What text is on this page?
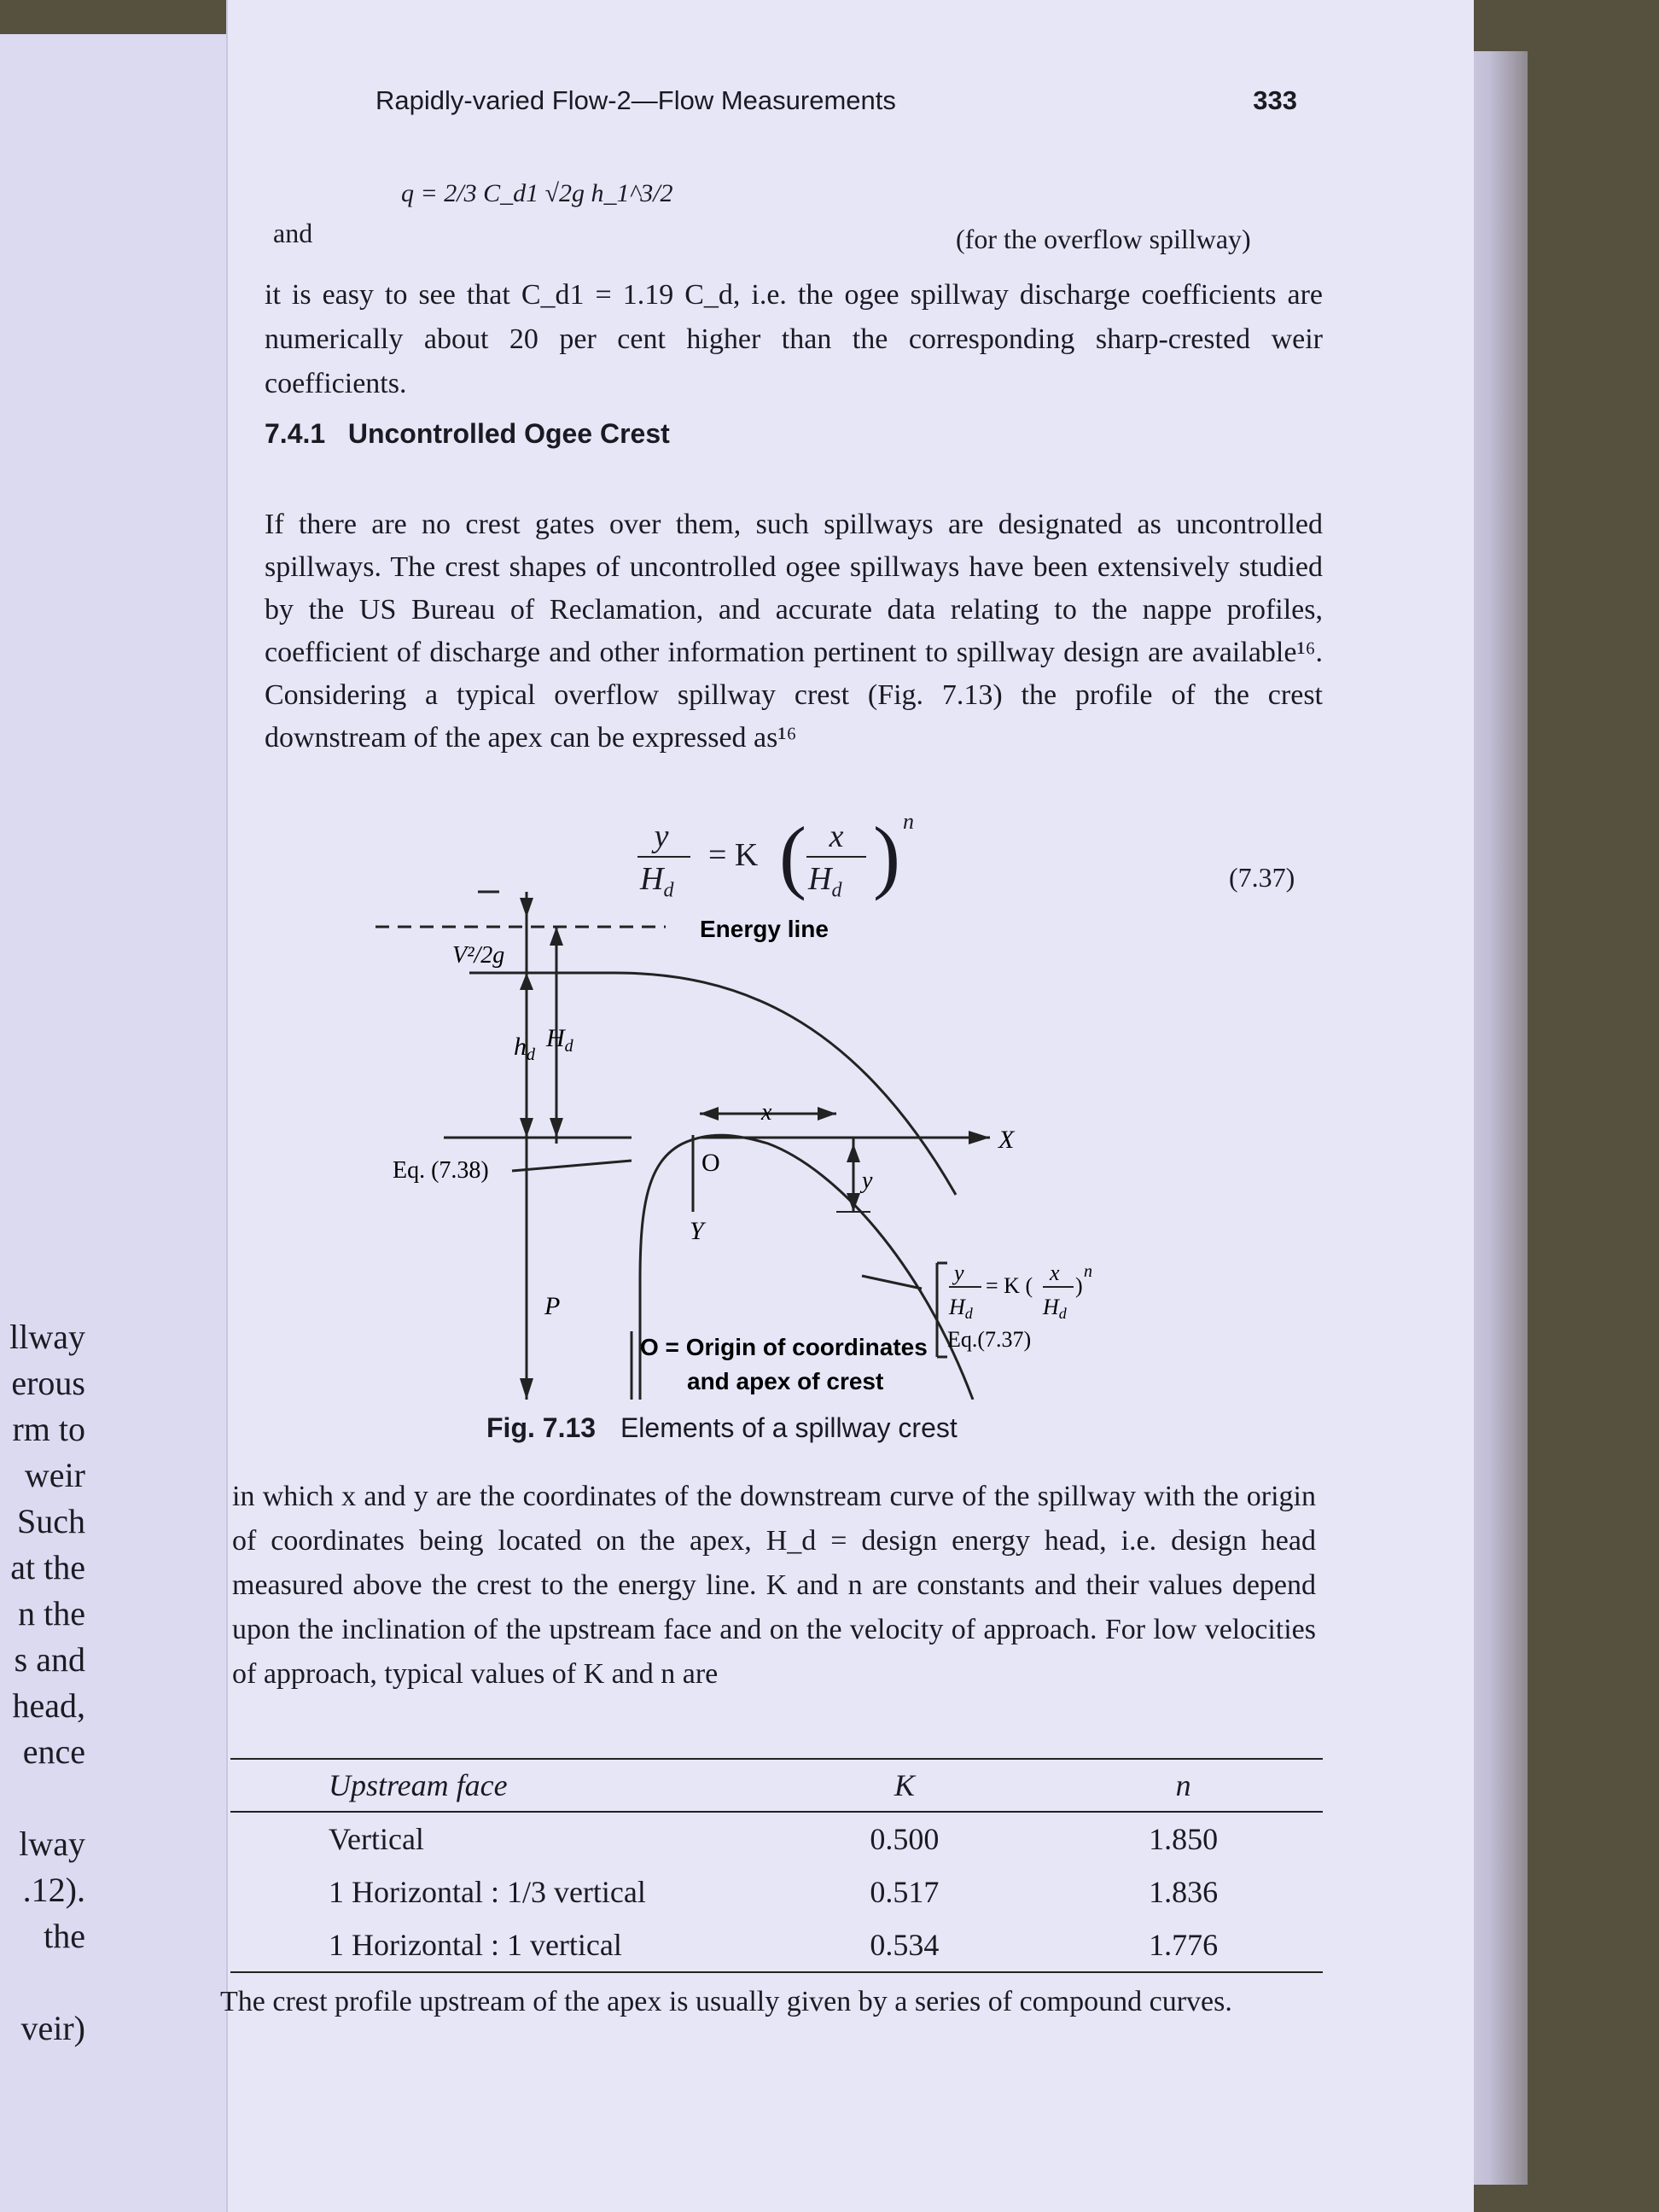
llway
erous
rm to
weir
Such
at the
n the
s and
head,
ence
lway
.12).
the
veir)
Rapidly-varied Flow-2—Flow Measurements	333
and
q = 2/3 C_d1 √2g h_1^3/2
(for the overflow spillway)
it is easy to see that C_d1 = 1.19 C_d, i.e. the ogee spillway discharge coefficients are numerically about 20 per cent higher than the corresponding sharp-crested weir coefficients.
7.4.1 Uncontrolled Ogee Crest
If there are no crest gates over them, such spillways are designated as uncontrolled spillways. The crest shapes of uncontrolled ogee spillways have been extensively studied by the US Bureau of Reclamation, and accurate data relating to the nappe profiles, coefficient of discharge and other information pertinent to spillway design are available¹⁶. Considering a typical overflow spillway crest (Fig. 7.13) the profile of the crest downstream of the apex can be expressed as¹⁶
y
$H_d$
= K ( x
$H_d$ ) n
(7.37)
Energy line
V²/2g
$h_d$
$H_d$
x
X
O
Y
y
P
Eq. (7.38)
O = Origin of coordinates
and apex of crest
y
Hd
= K (
x
Hd
)
n
Eq.(7.37)
Fig. 7.13 Elements of a spillway crest
in which x and y are the coordinates of the downstream curve of the spillway with the origin of coordinates being located on the apex, H_d = design energy head, i.e. design head measured above the crest to the energy line. K and n are constants and their values depend upon the inclination of the upstream face and on the velocity of approach. For low velocities of approach, typical values of K and n are
Upstream face	K	n
Vertical	0.500	1.850
1 Horizontal : 1/3 vertical	0.517	1.836
1 Horizontal : 1 vertical	0.534	1.776
The crest profile upstream of the apex is usually given by a series of compound curves.
